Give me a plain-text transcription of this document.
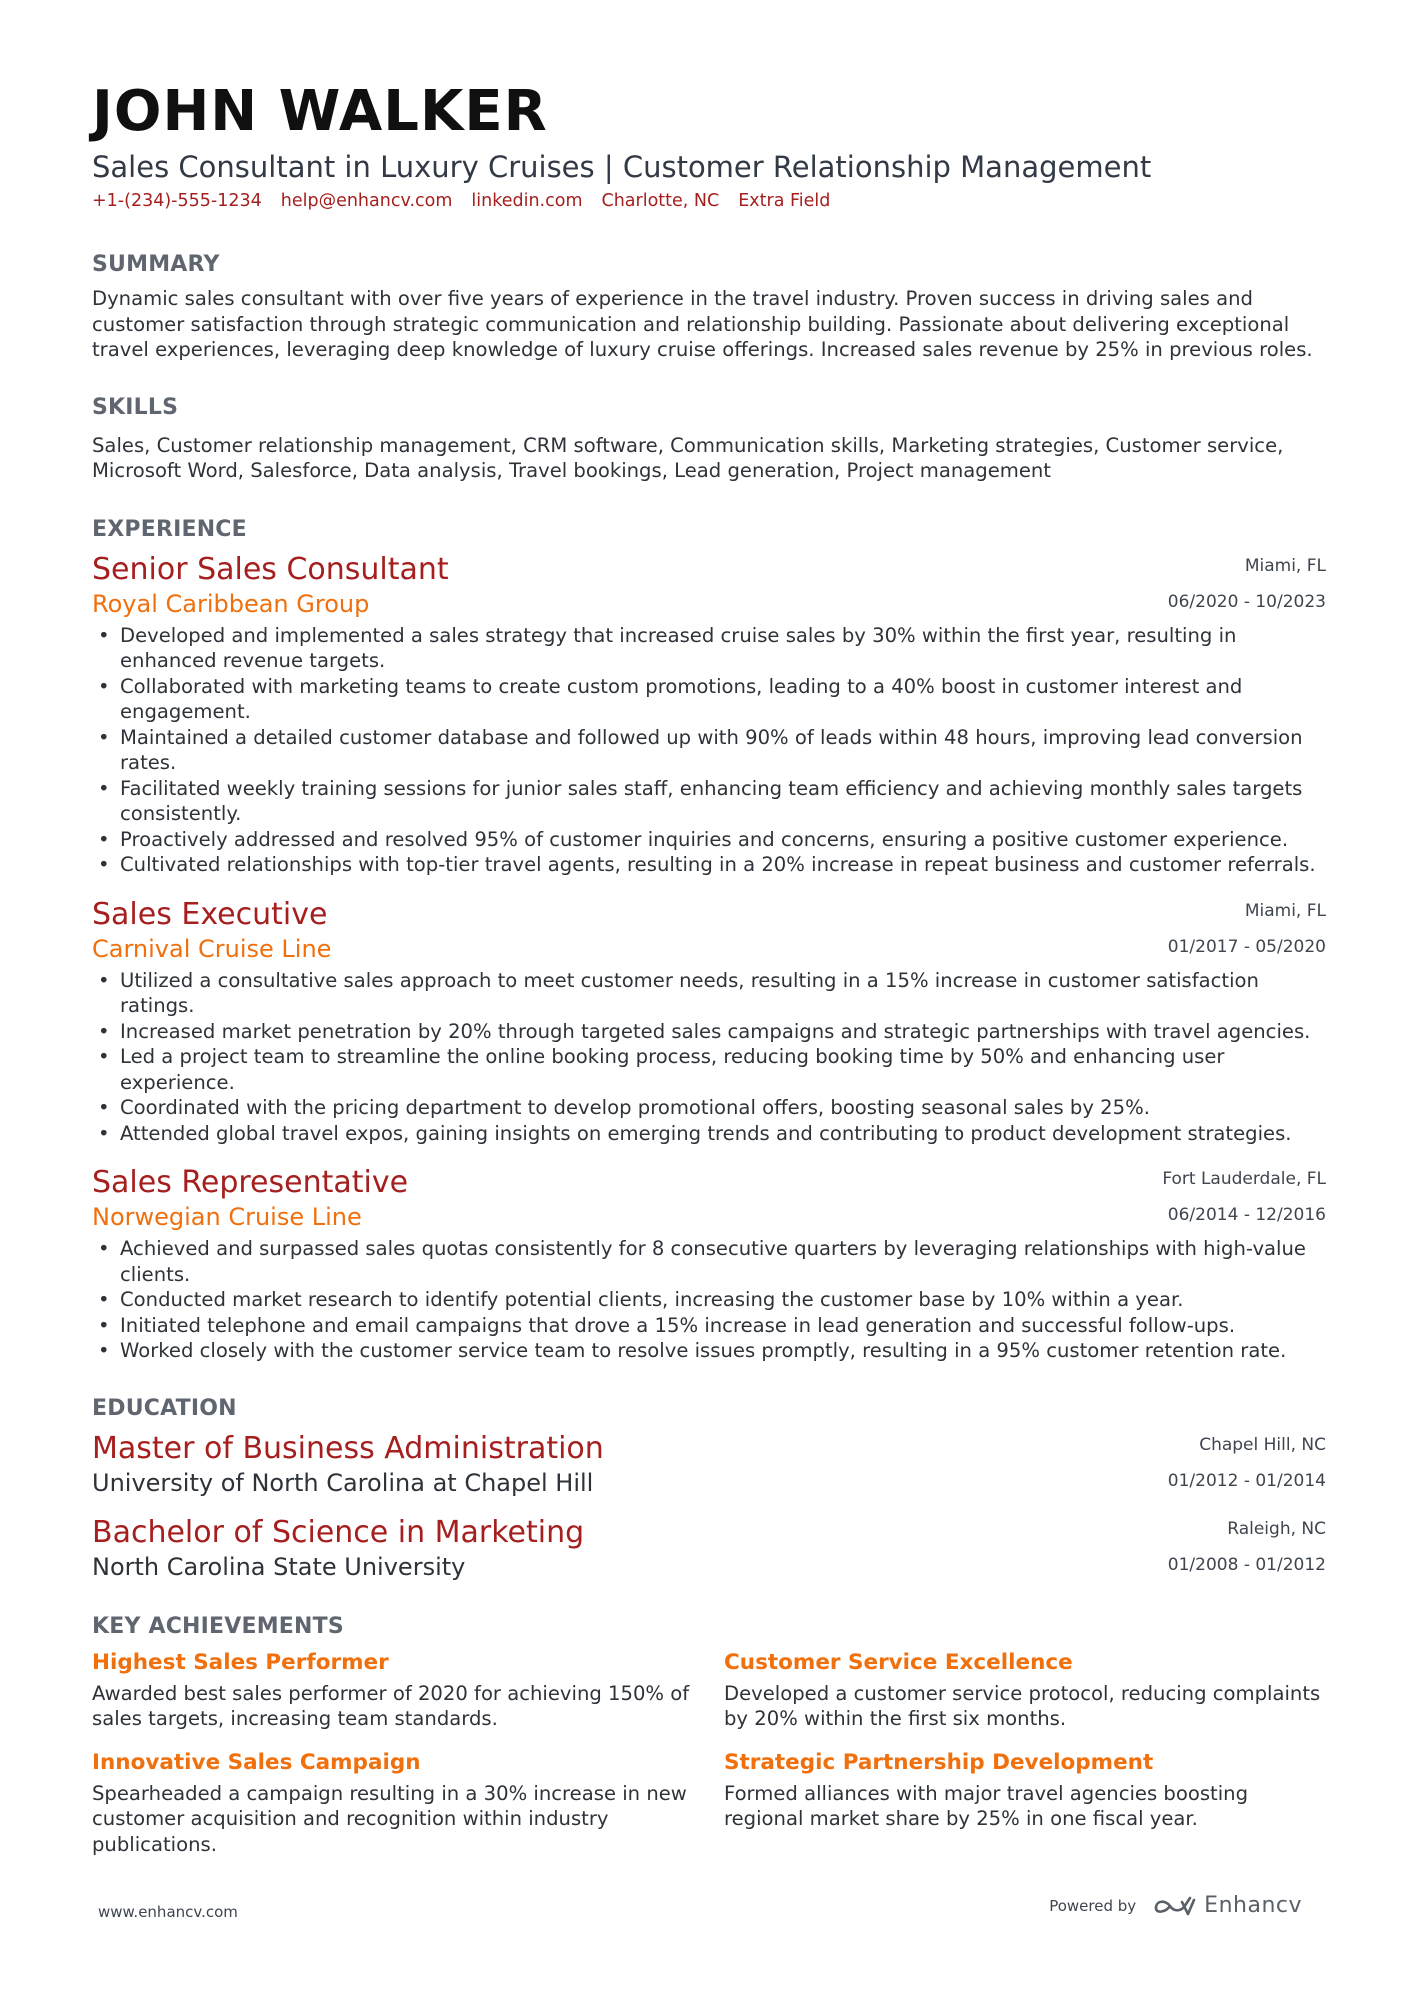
JOHN WALKER
Sales Consultant in Luxury Cruises | Customer Relationship Management
+1-(234)-555-1234 help@enhancv.com linkedin.com Charlotte, NC Extra Field
SUMMARY
Dynamic sales consultant with over five years of experience in the travel industry. Proven success in driving sales and customer satisfaction through strategic communication and relationship building. Passionate about delivering exceptional travel experiences, leveraging deep knowledge of luxury cruise offerings. Increased sales revenue by 25% in previous roles.
SKILLS
Sales, Customer relationship management, CRM software, Communication skills, Marketing strategies, Customer service, Microsoft Word, Salesforce, Data analysis, Travel bookings, Lead generation, Project management
EXPERIENCE
Senior Sales Consultant
Royal Caribbean Group
Miami, FL
06/2020 - 10/2023
• Developed and implemented a sales strategy that increased cruise sales by 30% within the first year, resulting in enhanced revenue targets.
• Collaborated with marketing teams to create custom promotions, leading to a 40% boost in customer interest and engagement.
• Maintained a detailed customer database and followed up with 90% of leads within 48 hours, improving lead conversion rates.
• Facilitated weekly training sessions for junior sales staff, enhancing team efficiency and achieving monthly sales targets consistently.
• Proactively addressed and resolved 95% of customer inquiries and concerns, ensuring a positive customer experience.
• Cultivated relationships with top-tier travel agents, resulting in a 20% increase in repeat business and customer referrals.
Sales Executive
Carnival Cruise Line
Miami, FL
01/2017 - 05/2020
• Utilized a consultative sales approach to meet customer needs, resulting in a 15% increase in customer satisfaction ratings.
• Increased market penetration by 20% through targeted sales campaigns and strategic partnerships with travel agencies.
• Led a project team to streamline the online booking process, reducing booking time by 50% and enhancing user experience.
• Coordinated with the pricing department to develop promotional offers, boosting seasonal sales by 25%.
• Attended global travel expos, gaining insights on emerging trends and contributing to product development strategies.
Sales Representative
Norwegian Cruise Line
Fort Lauderdale, FL
06/2014 - 12/2016
• Achieved and surpassed sales quotas consistently for 8 consecutive quarters by leveraging relationships with high-value clients.
• Conducted market research to identify potential clients, increasing the customer base by 10% within a year.
• Initiated telephone and email campaigns that drove a 15% increase in lead generation and successful follow-ups.
• Worked closely with the customer service team to resolve issues promptly, resulting in a 95% customer retention rate.
EDUCATION
Master of Business Administration
University of North Carolina at Chapel Hill
Chapel Hill, NC
01/2012 - 01/2014
Bachelor of Science in Marketing
North Carolina State University
Raleigh, NC
01/2008 - 01/2012
KEY ACHIEVEMENTS
Highest Sales Performer
Awarded best sales performer of 2020 for achieving 150% of sales targets, increasing team standards.
Customer Service Excellence
Developed a customer service protocol, reducing complaints by 20% within the first six months.
Innovative Sales Campaign
Spearheaded a campaign resulting in a 30% increase in new customer acquisition and recognition within industry publications.
Strategic Partnership Development
Formed alliances with major travel agencies boosting regional market share by 25% in one fiscal year.
www.enhancv.com	Powered by	Enhancv
